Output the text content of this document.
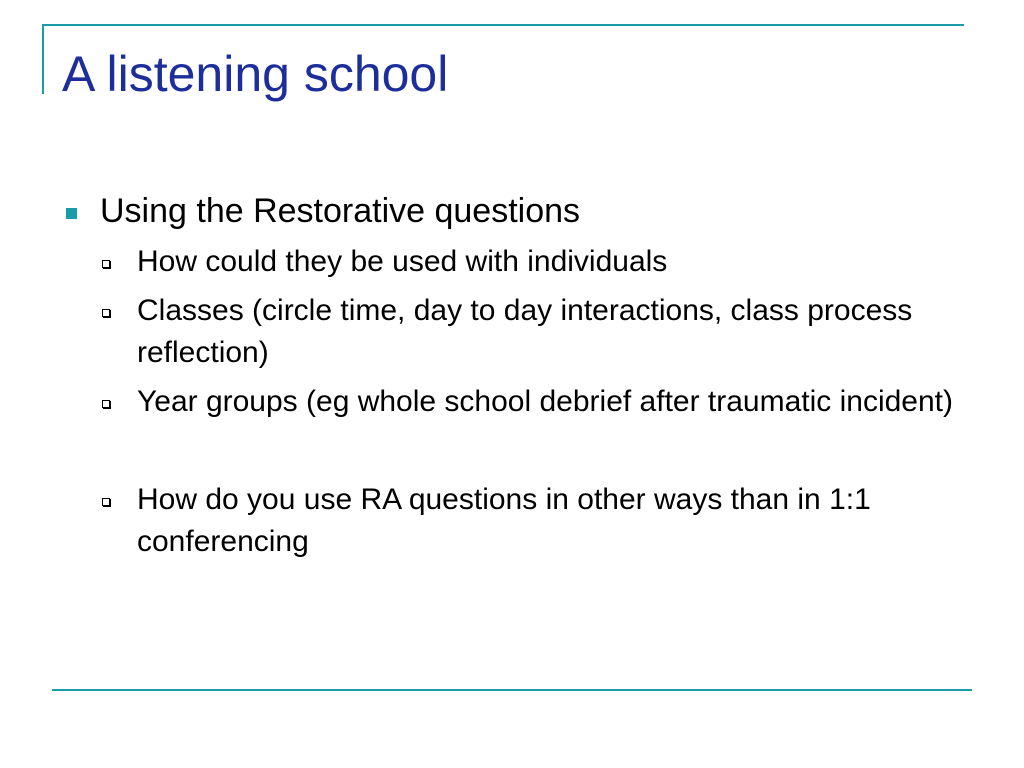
A listening school
Using the Restorative questions
How could they be used with individuals
Classes (circle time, day to day interactions, class process reflection)
Year groups (eg whole school debrief after traumatic incident)
How do you use RA questions in other ways than in 1:1 conferencing
